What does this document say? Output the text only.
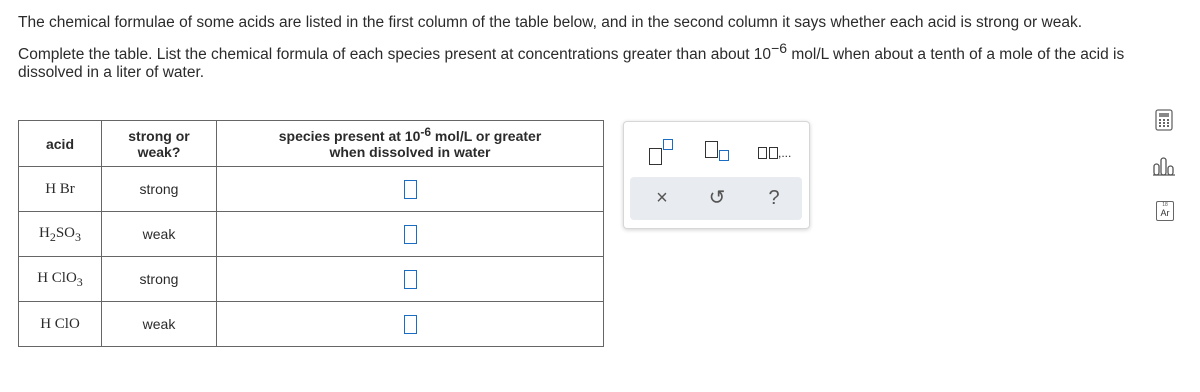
The chemical formulae of some acids are listed in the first column of the table below, and in the second column it says whether each acid is strong or weak.

Complete the table. List the chemical formula of each species present at concentrations greater than about $10^{-6}$ mol/L when about a tenth of a mole of the acid is dissolved in a liter of water.

acid	strong or weak?	species present at $10^{-6}$ mol/L or greater
when dissolved in water
H Br	strong	
$H_2SO_3$	weak	
H ClO$_3$	strong	
H ClO	weak	
,...
×	↺	?	18
Ar
